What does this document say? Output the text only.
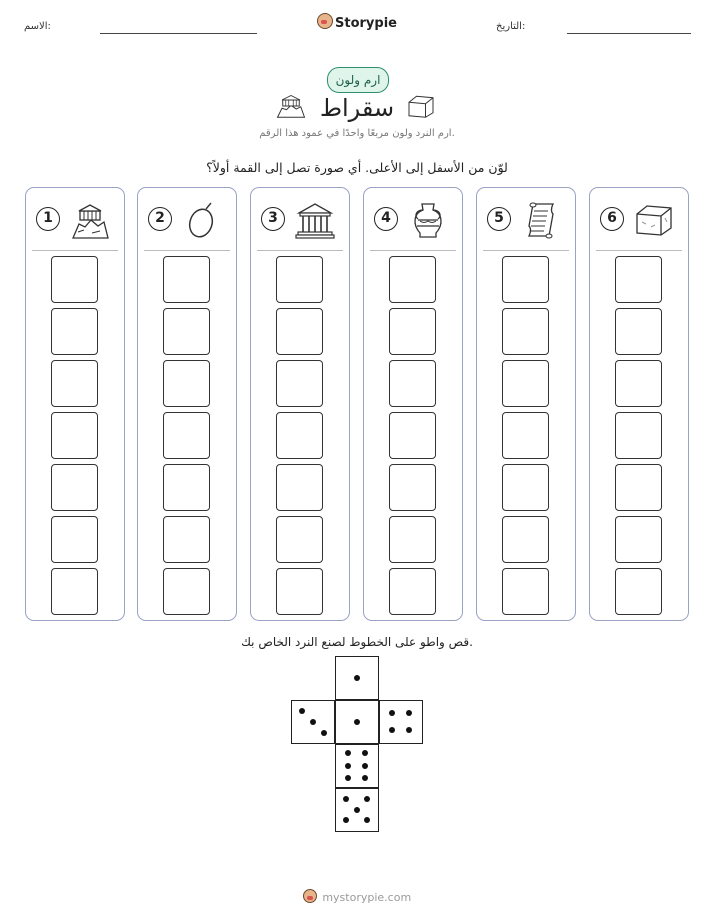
الاسم:	Storypie	التاريخ:
ارم ولون
سقراط
ارم النرد ولون مربعًا واحدًا في عمود هذا الرقم.
لوّن من الأسفل إلى الأعلى. أي صورة تصل إلى القمة أولاً؟
1	2	3	4	5	6
قص واطو على الخطوط لصنع النرد الخاص بك.
mystorypie.com
